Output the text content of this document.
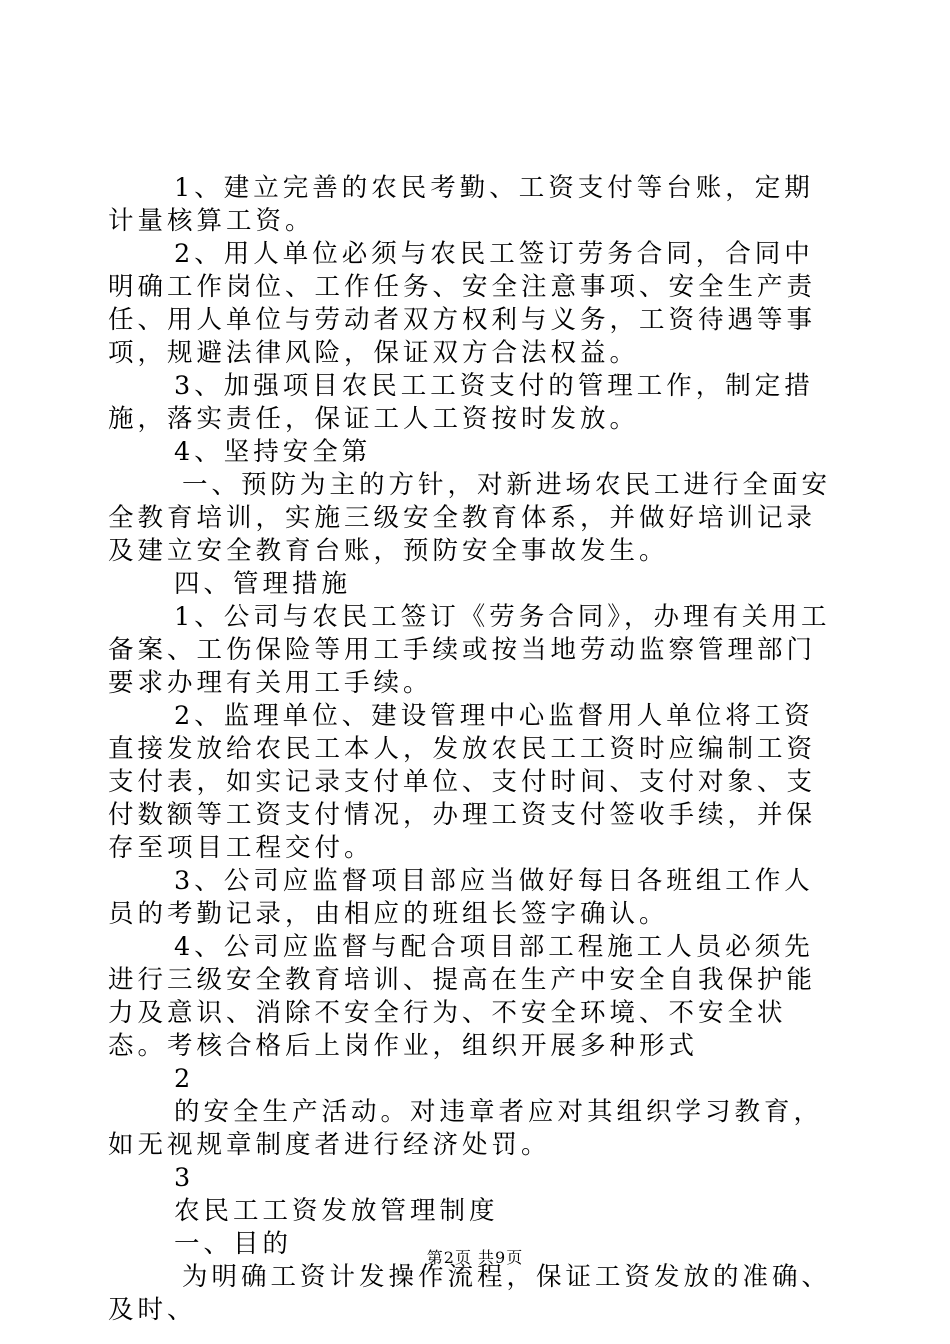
1、建立完善的农民考勤、工资支付等台账，定期计量核算工资。

2、用人单位必须与农民工签订劳务合同，合同中明确工作岗位、工作任务、安全注意事项、安全生产责任、用人单位与劳动者双方权利与义务，工资待遇等事项，规避法律风险，保证双方合法权益。

3、加强项目农民工工资支付的管理工作，制定措施，落实责任，保证工人工资按时发放。

4、坚持安全第

一、预防为主的方针，对新进场农民工进行全面安全教育培训，实施三级安全教育体系，并做好培训记录及建立安全教育台账，预防安全事故发生。

四、管理措施

1、公司与农民工签订《劳务合同》，办理有关用工备案、工伤保险等用工手续或按当地劳动监察管理部门要求办理有关用工手续。

2、监理单位、建设管理中心监督用人单位将工资直接发放给农民工本人，发放农民工工资时应编制工资支付表，如实记录支付单位、支付时间、支付对象、支付数额等工资支付情况，办理工资支付签收手续，并保存至项目工程交付。

3、公司应监督项目部应当做好每日各班组工作人员的考勤记录，由相应的班组长签字确认。

4、公司应监督与配合项目部工程施工人员必须先进行三级安全教育培训、提高在生产中安全自我保护能力及意识、消除不安全行为、不安全环境、不安全状态。考核合格后上岗作业，组织开展多种形式

2

的安全生产活动。对违章者应对其组织学习教育，如无视规章制度者进行经济处罚。

3

农民工工资发放管理制度

一、目的

为明确工资计发操作流程，保证工资发放的准确、及时、

第2页 共9页
